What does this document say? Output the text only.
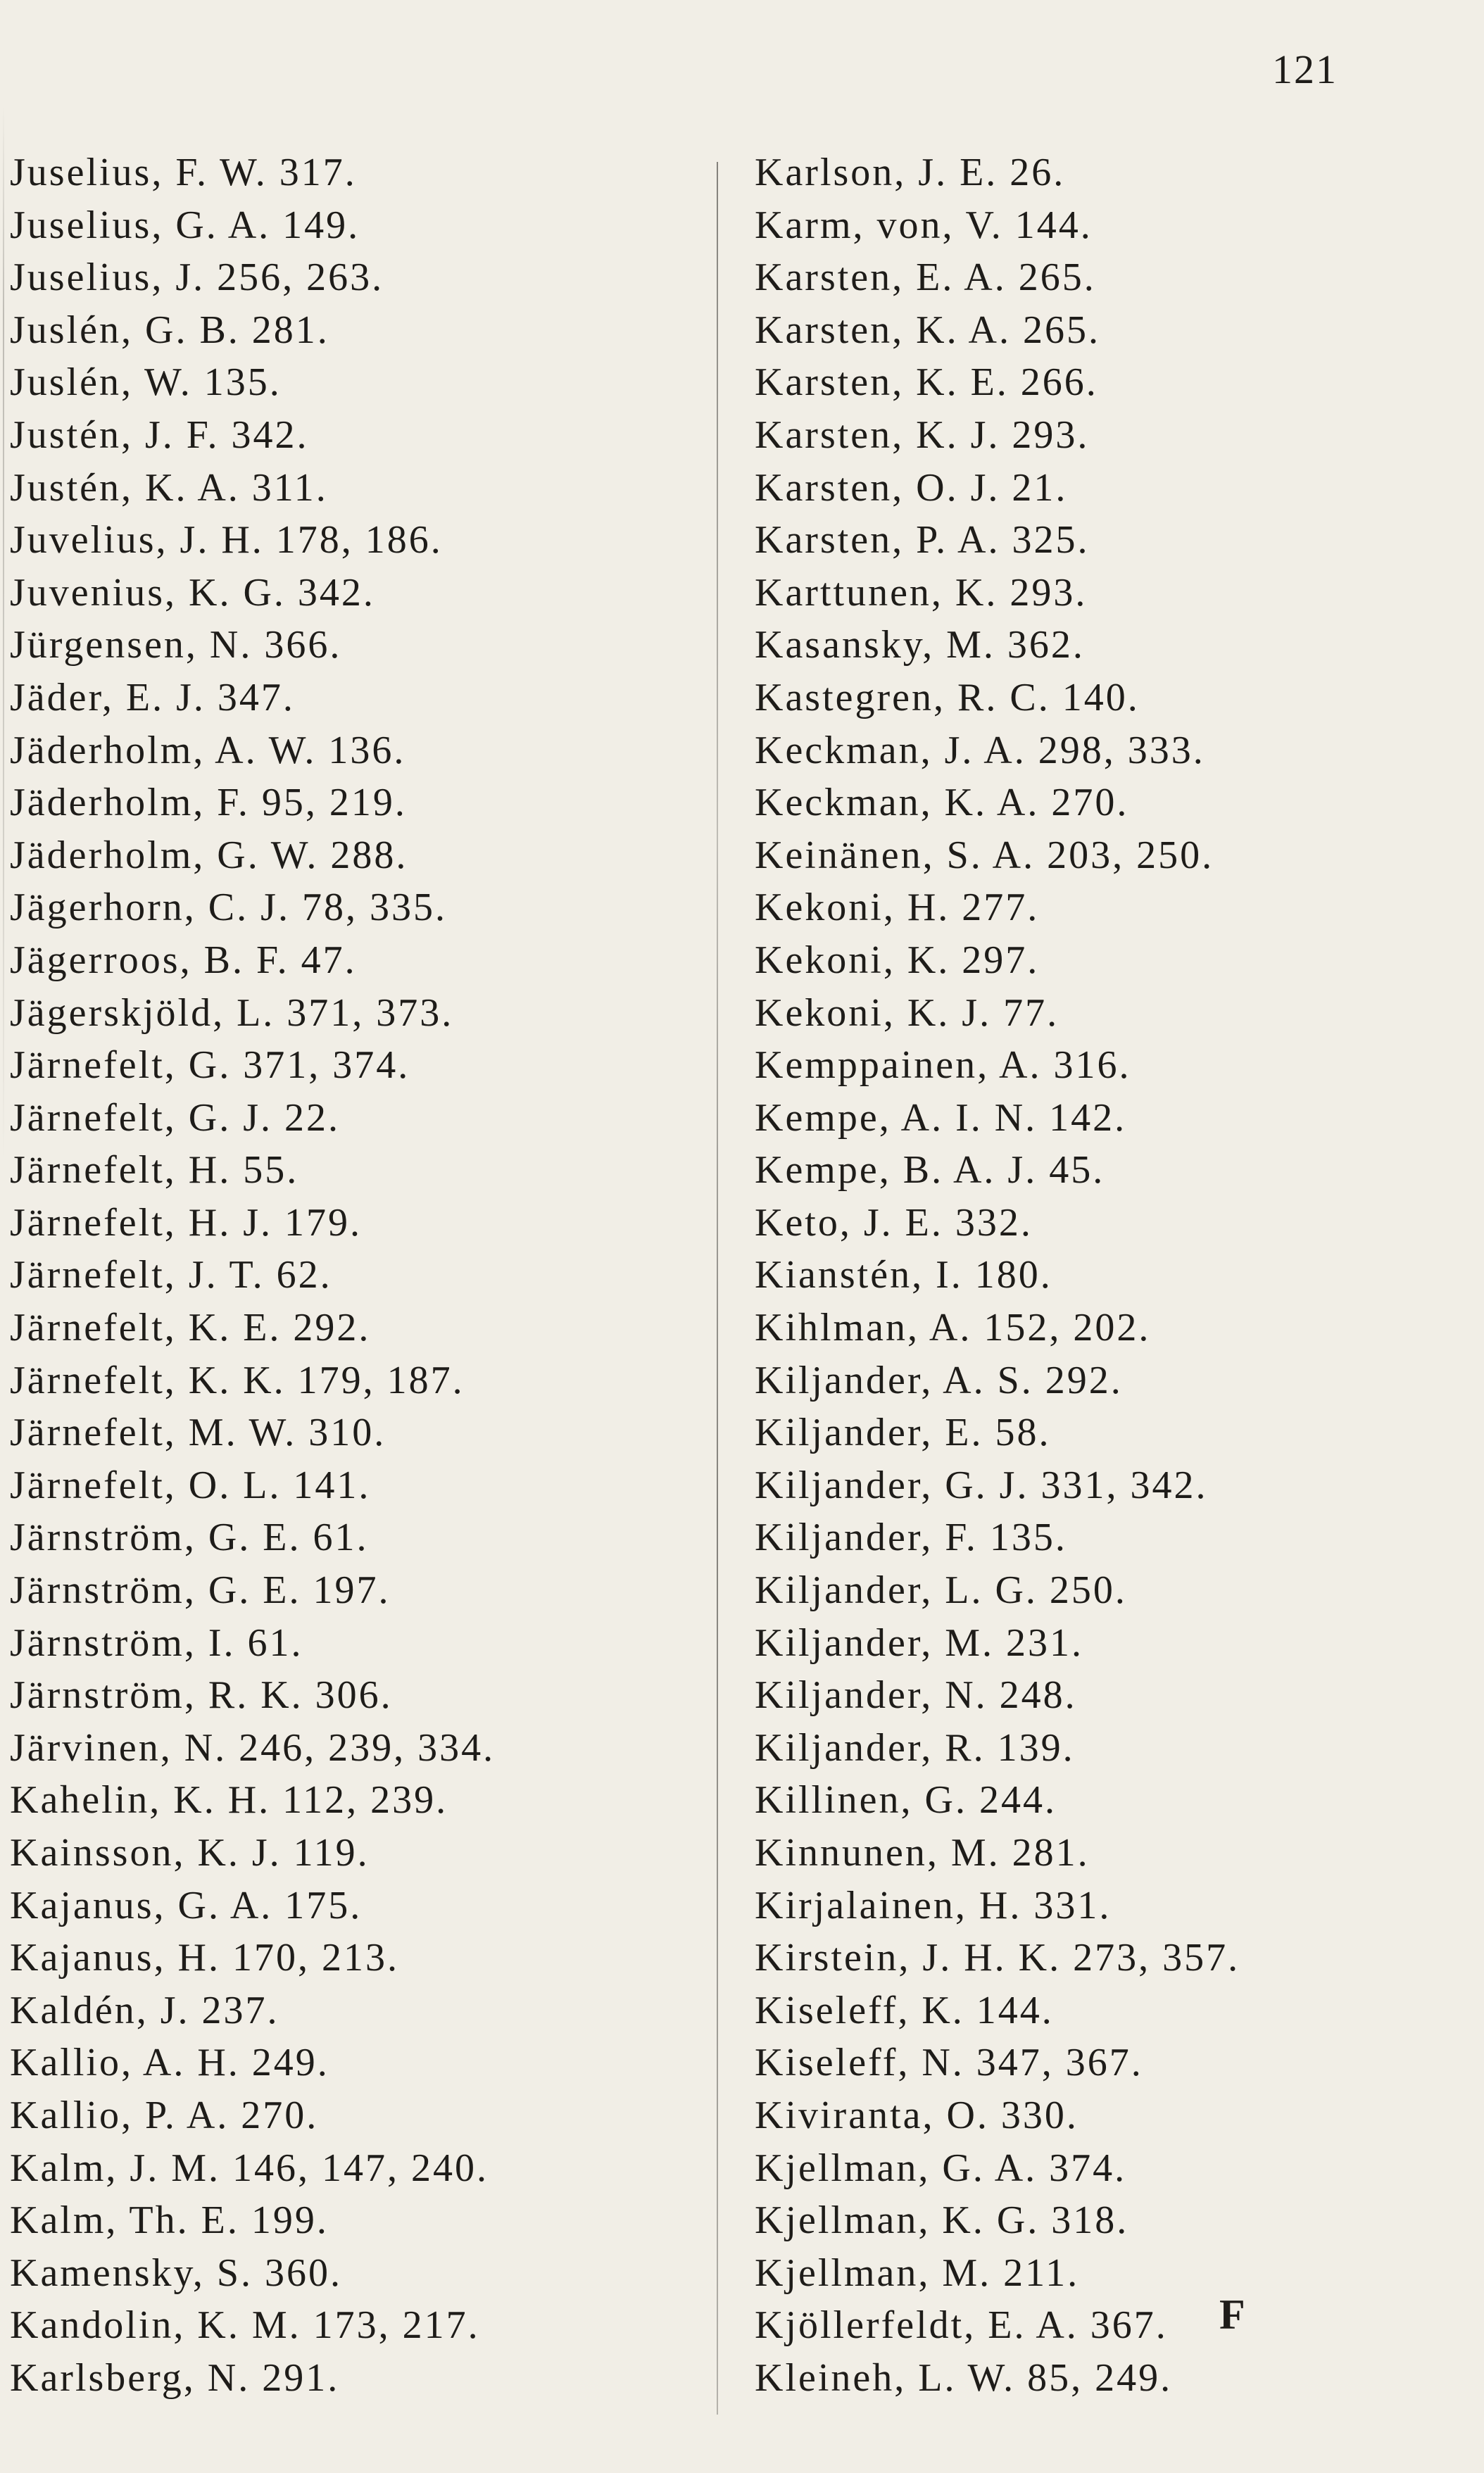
121
Juselius, F. W. 317.
Juselius, G. A. 149.
Juselius, J. 256, 263.
Juslén, G. B. 281.
Juslén, W. 135.
Justén, J. F. 342.
Justén, K. A. 311.
Juvelius, J. H. 178, 186.
Juvenius, K. G. 342.
Jürgensen, N. 366.
Jäder, E. J. 347.
Jäderholm, A. W. 136.
Jäderholm, F. 95, 219.
Jäderholm, G. W. 288.
Jägerhorn, C. J. 78, 335.
Jägerroos, B. F. 47.
Jägerskjöld, L. 371, 373.
Järnefelt, G. 371, 374.
Järnefelt, G. J. 22.
Järnefelt, H. 55.
Järnefelt, H. J. 179.
Järnefelt, J. T. 62.
Järnefelt, K. E. 292.
Järnefelt, K. K. 179, 187.
Järnefelt, M. W. 310.
Järnefelt, O. L. 141.
Järnström, G. E. 61.
Järnström, G. E. 197.
Järnström, I. 61.
Järnström, R. K. 306.
Järvinen, N. 246, 239, 334.
Kahelin, K. H. 112, 239.
Kainsson, K. J. 119.
Kajanus, G. A. 175.
Kajanus, H. 170, 213.
Kaldén, J. 237.
Kallio, A. H. 249.
Kallio, P. A. 270.
Kalm, J. M. 146, 147, 240.
Kalm, Th. E. 199.
Kamensky, S. 360.
Kandolin, K. M. 173, 217.
Karlsberg, N. 291.
Karlson, J. E. 26.
Karm, von, V. 144.
Karsten, E. A. 265.
Karsten, K. A. 265.
Karsten, K. E. 266.
Karsten, K. J. 293.
Karsten, O. J. 21.
Karsten, P. A. 325.
Karttunen, K. 293.
Kasansky, M. 362.
Kastegren, R. C. 140.
Keckman, J. A. 298, 333.
Keckman, K. A. 270.
Keinänen, S. A. 203, 250.
Kekoni, H. 277.
Kekoni, K. 297.
Kekoni, K. J. 77.
Kemppainen, A. 316.
Kempe, A. I. N. 142.
Kempe, B. A. J. 45.
Keto, J. E. 332.
Kianstén, I. 180.
Kihlman, A. 152, 202.
Kiljander, A. S. 292.
Kiljander, E. 58.
Kiljander, G. J. 331, 342.
Kiljander, F. 135.
Kiljander, L. G. 250.
Kiljander, M. 231.
Kiljander, N. 248.
Kiljander, R. 139.
Killinen, G. 244.
Kinnunen, M. 281.
Kirjalainen, H. 331.
Kirstein, J. H. K. 273, 357.
Kiseleff, K. 144.
Kiseleff, N. 347, 367.
Kiviranta, O. 330.
Kjellman, G. A. 374.
Kjellman, K. G. 318.
Kjellman, M. 211.
Kjöllerfeldt, E. A. 367.
Kleineh, L. W. 85, 249.
F
